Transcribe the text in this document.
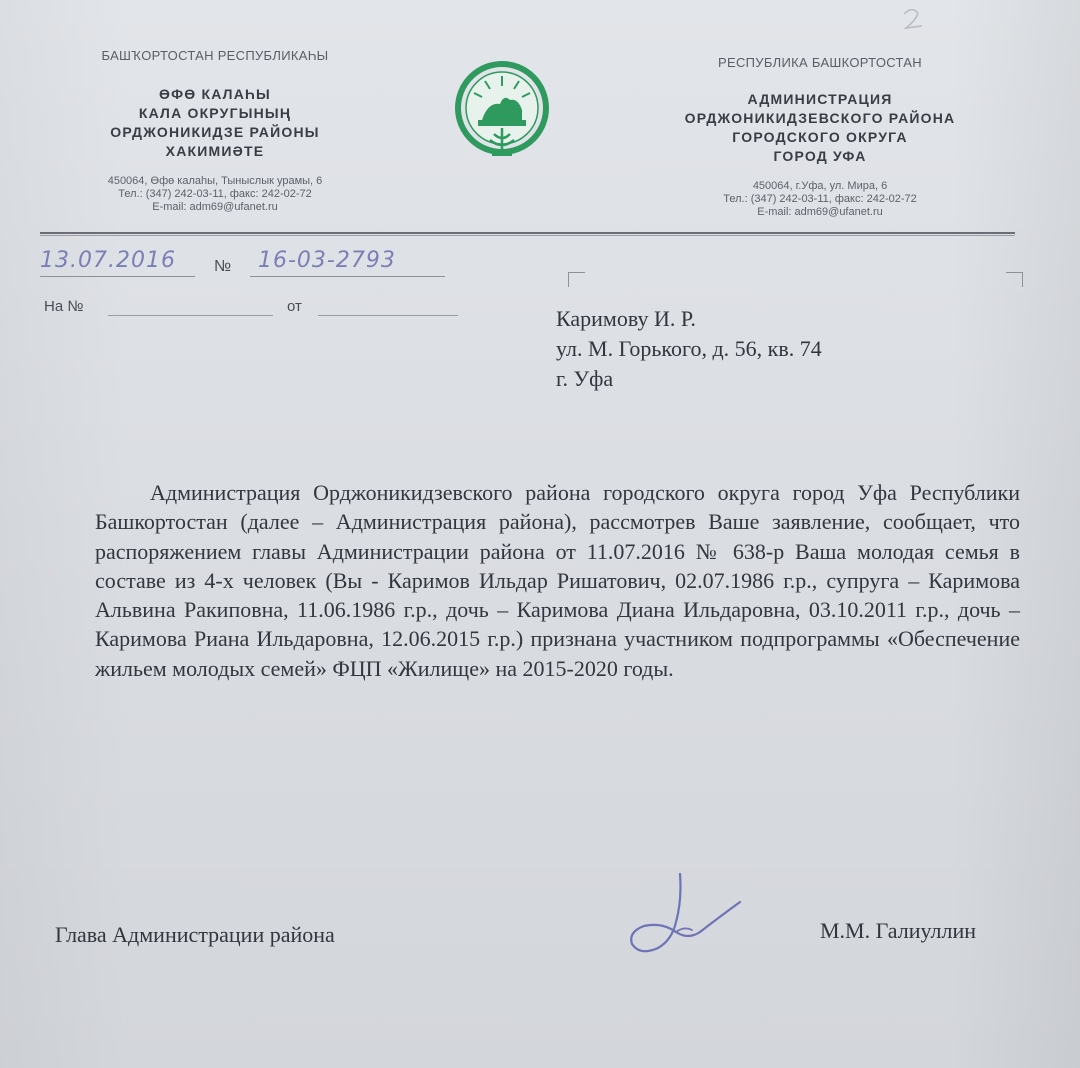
БАШҠОРТОСТАН РЕСПУБЛИКАҺЫ
ӨФӨ КАЛАҺЫ
КАЛА ОКРУГЫНЫҢ
ОРДЖОНИКИДЗЕ РАЙОНЫ
ХАКИМИӘТЕ
450064, Өфө калаһы, Тыныслык урамы, 6
Тел.: (347) 242-03-11, факс: 242-02-72
E-mail: adm69@ufanet.ru
РЕСПУБЛИКА БАШКОРТОСТАН
АДМИНИСТРАЦИЯ
ОРДЖОНИКИДЗЕВСКОГО РАЙОНА
ГОРОДСКОГО ОКРУГА
ГОРОД УФА
450064, г.Уфа, ул. Мира, 6
Тел.: (347) 242-03-11, факс: 242-02-72
E-mail: adm69@ufanet.ru
13.07.2016 № 16-03-2793
На №	от	Каримову И. Р.
ул. М. Горького, д. 56, кв. 74
г. Уфа
Администрация Орджоникидзевского района городского округа город Уфа Республики Башкортостан (далее – Администрация района), рассмотрев Ваше заявление, сообщает, что распоряжением главы Администрации района от 11.07.2016 № 638-р Ваша молодая семья в составе из 4-х человек (Вы - Каримов Ильдар Ришатович, 02.07.1986 г.р., супруга – Каримова Альвина Ракиповна, 11.06.1986 г.р., дочь – Каримова Диана Ильдаровна, 03.10.2011 г.р., дочь – Каримова Риана Ильдаровна, 12.06.2015 г.р.) признана участником подпрограммы «Обеспечение жильем молодых семей» ФЦП «Жилище» на 2015-2020 годы.
Глава Администрации района	М.М. Галиуллин
